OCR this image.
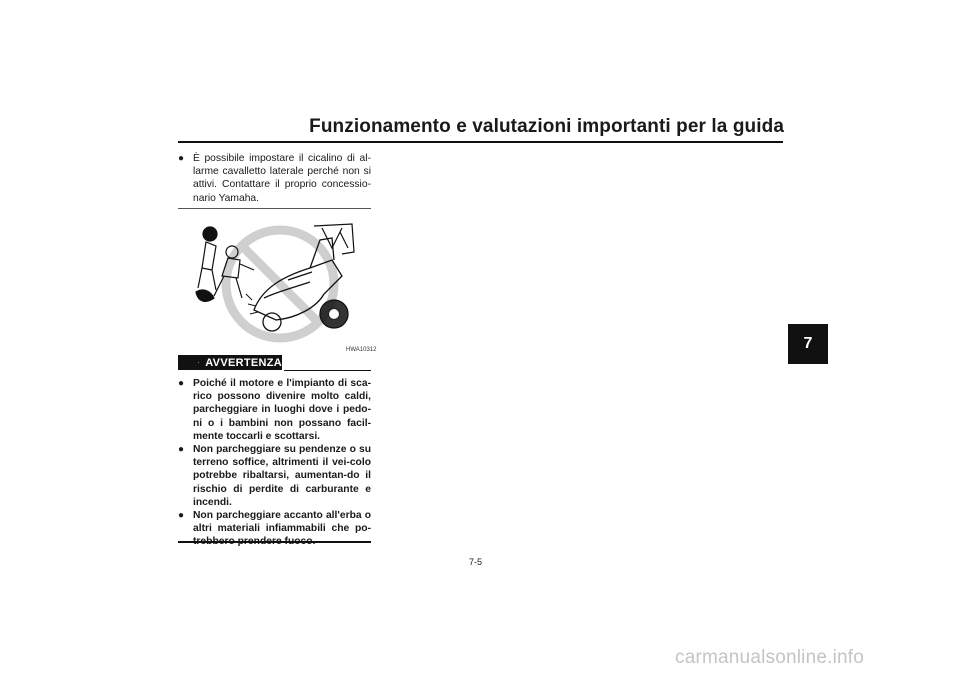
Funzionamento e valutazioni importanti per la guida
7
● È possibile impostare il cicalino di al-larme cavalletto laterale perché non si attivi. Contattare il proprio concessio-nario Yamaha.
HWA10312
AVVERTENZA
● Poiché il motore e l'impianto di sca-rico possono divenire molto caldi, parcheggiare in luoghi dove i pedo-ni o i bambini non possano facil-mente toccarli e scottarsi.
● Non parcheggiare su pendenze o su terreno soffice, altrimenti il vei-colo potrebbe ribaltarsi, aumentan-do il rischio di perdite di carburante e incendi.
● Non parcheggiare accanto all'erba o altri materiali infiammabili che po-
7-5
carmanualsonline.info
